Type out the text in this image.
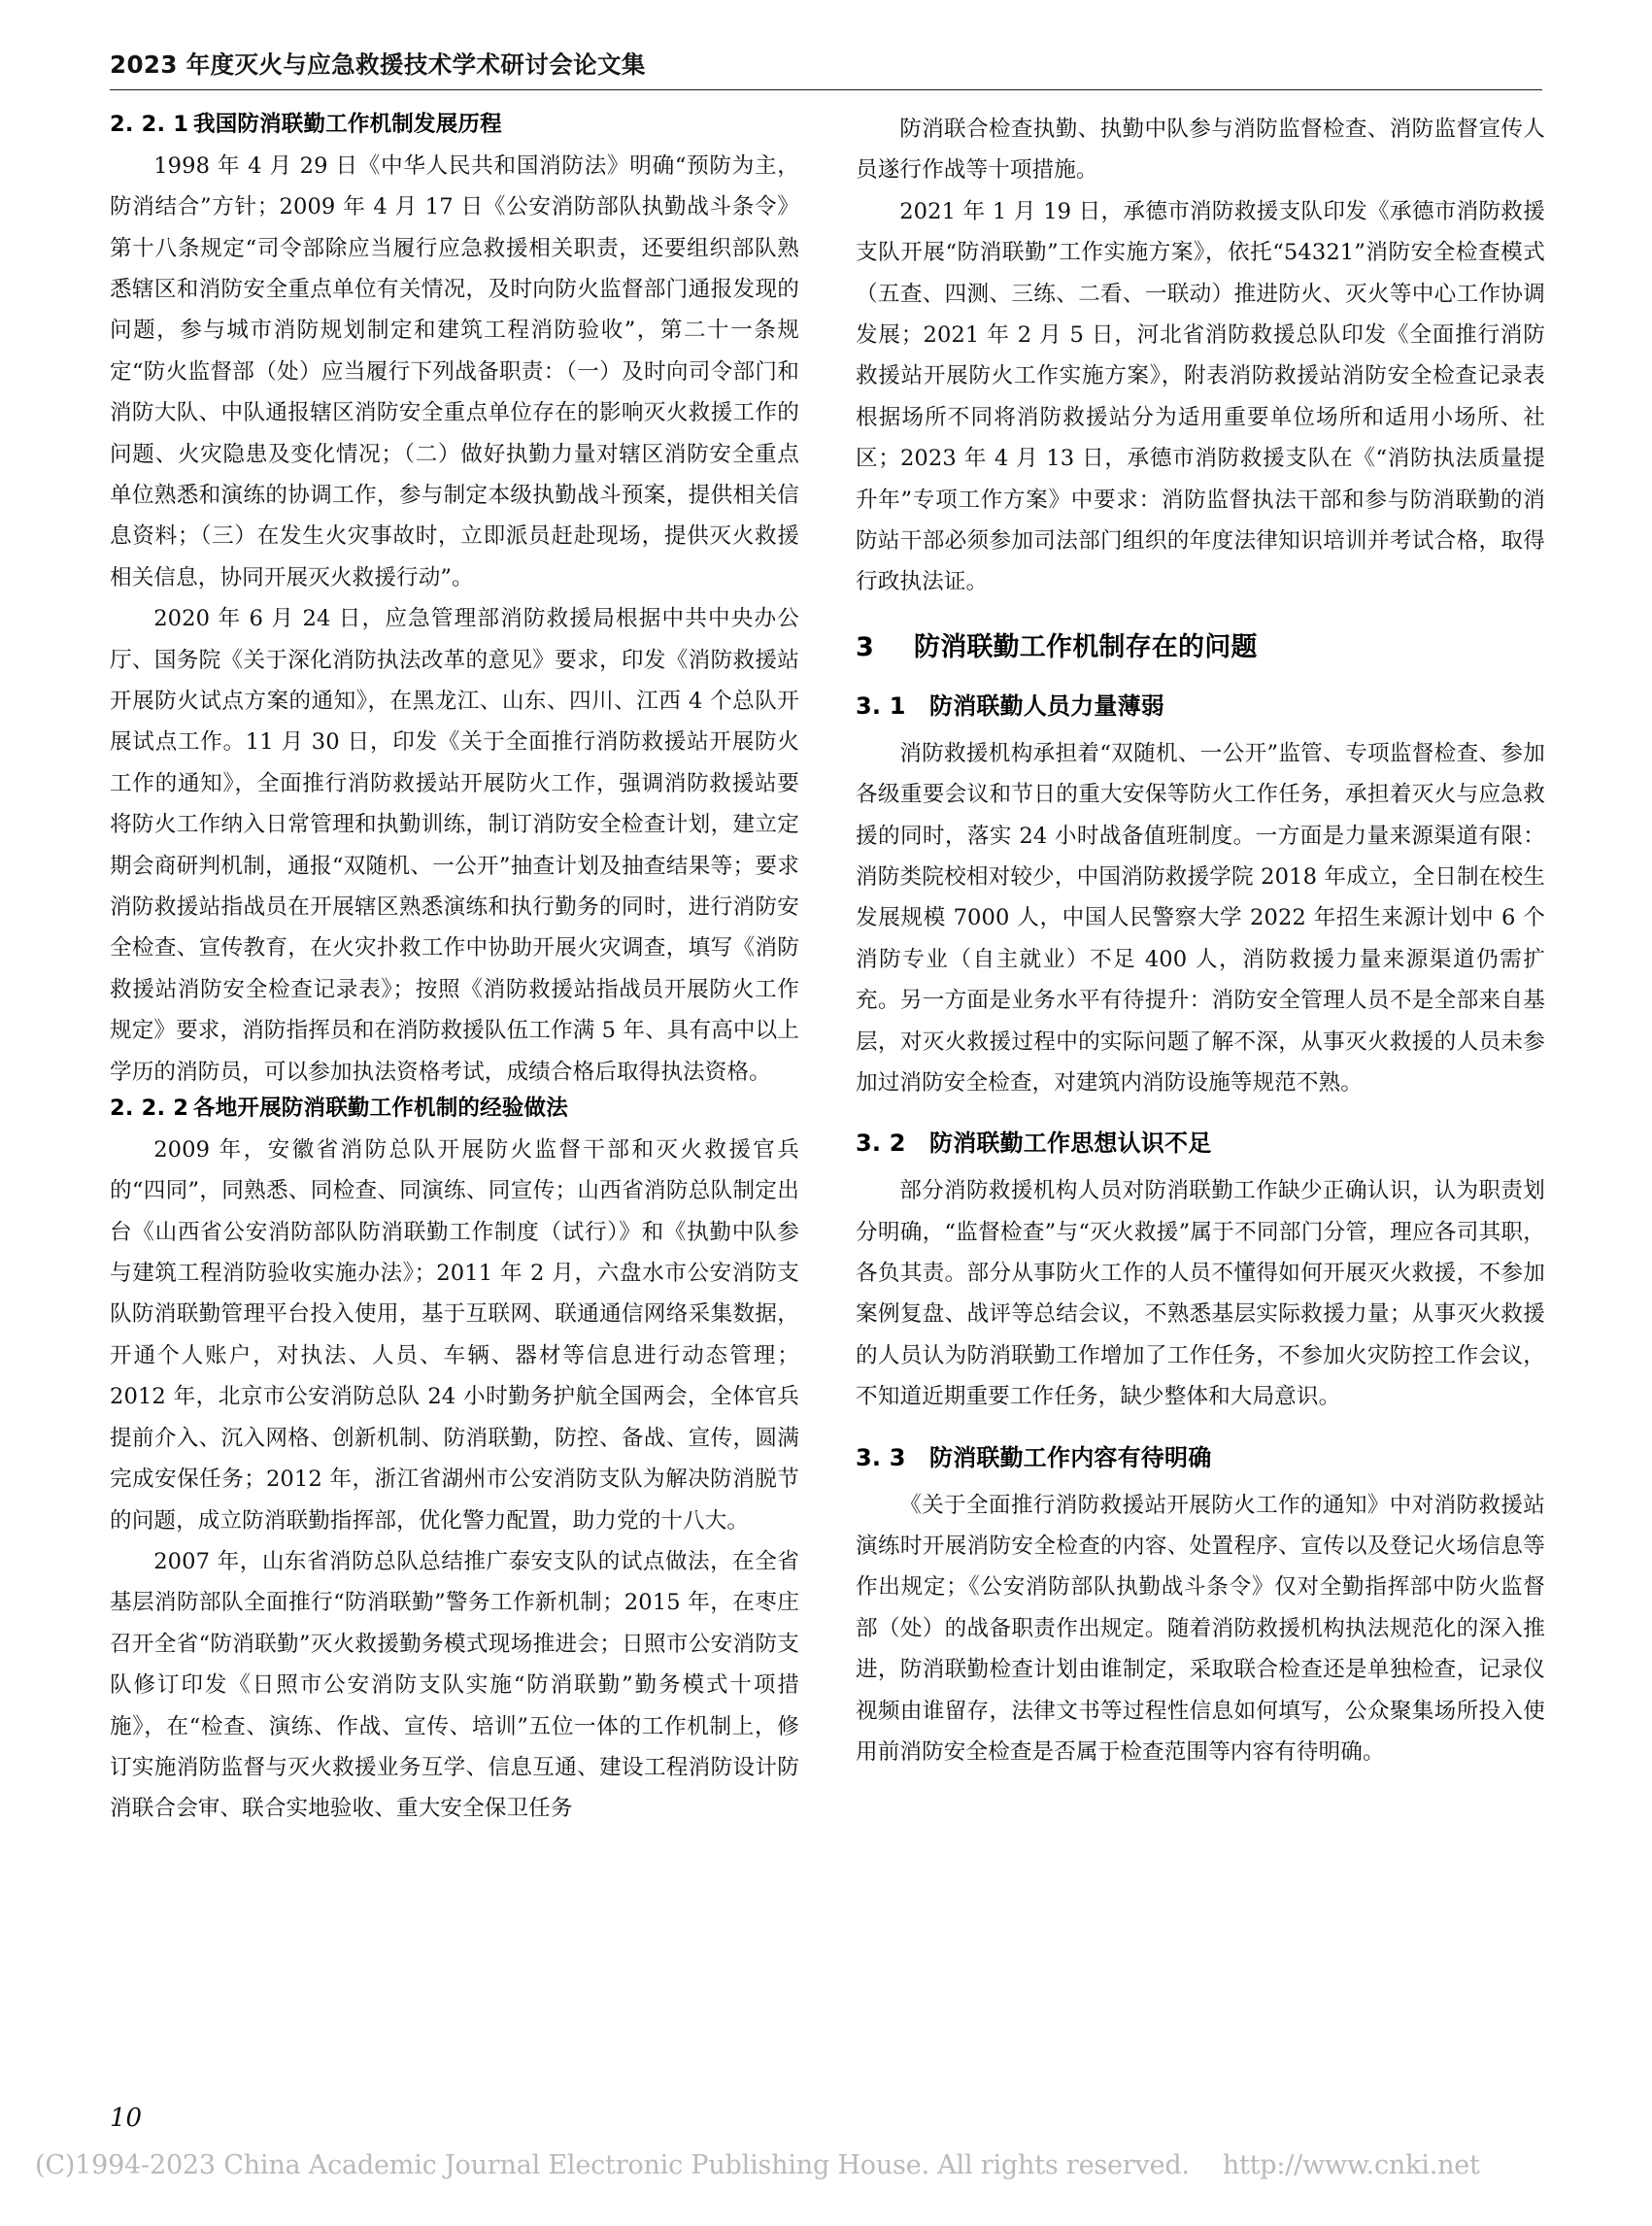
2023 年度灭火与应急救援技术学术研讨会论文集
2. 2. 1 我国防消联勤工作机制发展历程

1998 年 4 月 29 日《中华人民共和国消防法》明确“预防为主，防消结合”方针；2009 年 4 月 17 日《公安消防部队执勤战斗条令》第十八条规定“司令部除应当履行应急救援相关职责，还要组织部队熟悉辖区和消防安全重点单位有关情况，及时向防火监督部门通报发现的问题，参与城市消防规划制定和建筑工程消防验收”，第二十一条规定“防火监督部（处）应当履行下列战备职责：（一）及时向司令部门和消防大队、中队通报辖区消防安全重点单位存在的影响灭火救援工作的问题、火灾隐患及变化情况；（二）做好执勤力量对辖区消防安全重点单位熟悉和演练的协调工作，参与制定本级执勤战斗预案，提供相关信息资料；（三）在发生火灾事故时，立即派员赶赴现场，提供灭火救援相关信息，协同开展灭火救援行动”。

2020 年 6 月 24 日，应急管理部消防救援局根据中共中央办公厅、国务院《关于深化消防执法改革的意见》要求，印发《消防救援站开展防火试点方案的通知》，在黑龙江、山东、四川、江西 4 个总队开展试点工作。11 月 30 日，印发《关于全面推行消防救援站开展防火工作的通知》，全面推行消防救援站开展防火工作，强调消防救援站要将防火工作纳入日常管理和执勤训练，制订消防安全检查计划，建立定期会商研判机制，通报“双随机、一公开”抽查计划及抽查结果等；要求消防救援站指战员在开展辖区熟悉演练和执行勤务的同时，进行消防安全检查、宣传教育，在火灾扑救工作中协助开展火灾调查，填写《消防救援站消防安全检查记录表》；按照《消防救援站指战员开展防火工作规定》要求，消防指挥员和在消防救援队伍工作满 5 年、具有高中以上学历的消防员，可以参加执法资格考试，成绩合格后取得执法资格。

2. 2. 2 各地开展防消联勤工作机制的经验做法

2009 年，安徽省消防总队开展防火监督干部和灭火救援官兵的“四同”，同熟悉、同检查、同演练、同宣传；山西省消防总队制定出台《山西省公安消防部队防消联勤工作制度（试行）》和《执勤中队参与建筑工程消防验收实施办法》；2011 年 2 月，六盘水市公安消防支队防消联勤管理平台投入使用，基于互联网、联通通信网络采集数据，开通个人账户，对执法、人员、车辆、器材等信息进行动态管理；2012 年，北京市公安消防总队 24 小时勤务护航全国两会，全体官兵提前介入、沉入网格、创新机制、防消联勤，防控、备战、宣传，圆满完成安保任务；2012 年，浙江省湖州市公安消防支队为解决防消脱节的问题，成立防消联勤指挥部，优化警力配置，助力党的十八大。

2007 年，山东省消防总队总结推广泰安支队的试点做法，在全省基层消防部队全面推行“防消联勤”警务工作新机制；2015 年，在枣庄召开全省“防消联勤”灭火救援勤务模式现场推进会；日照市公安消防支队修订印发《日照市公安消防支队实施“防消联勤”勤务模式十项措施》，在“检查、演练、作战、宣传、培训”五位一体的工作机制上，修订实施消防监督与灭火救援业务互学、信息互通、建设工程消防设计防消联合会审、联合实地验收、重大安全保卫任务

防消联合检查执勤、执勤中队参与消防监督检查、消防监督宣传人员遂行作战等十项措施。

2021 年 1 月 19 日，承德市消防救援支队印发《承德市消防救援支队开展“防消联勤”工作实施方案》，依托“54321”消防安全检查模式（五查、四测、三练、二看、一联动）推进防火、灭火等中心工作协调发展；2021 年 2 月 5 日，河北省消防救援总队印发《全面推行消防救援站开展防火工作实施方案》，附表消防救援站消防安全检查记录表根据场所不同将消防救援站分为适用重要单位场所和适用小场所、社区；2023 年 4 月 13 日，承德市消防救援支队在《“消防执法质量提升年”专项工作方案》中要求：消防监督执法干部和参与防消联勤的消防站干部必须参加司法部门组织的年度法律知识培训并考试合格，取得行政执法证。

3 防消联勤工作机制存在的问题
3. 1 防消联勤人员力量薄弱

消防救援机构承担着“双随机、一公开”监管、专项监督检查、参加各级重要会议和节日的重大安保等防火工作任务，承担着灭火与应急救援的同时，落实 24 小时战备值班制度。一方面是力量来源渠道有限：消防类院校相对较少，中国消防救援学院 2018 年成立，全日制在校生发展规模 7000 人，中国人民警察大学 2022 年招生来源计划中 6 个消防专业（自主就业）不足 400 人，消防救援力量来源渠道仍需扩充。另一方面是业务水平有待提升：消防安全管理人员不是全部来自基层，对灭火救援过程中的实际问题了解不深，从事灭火救援的人员未参加过消防安全检查，对建筑内消防设施等规范不熟。

3. 2 防消联勤工作思想认识不足

部分消防救援机构人员对防消联勤工作缺少正确认识，认为职责划分明确，“监督检查”与“灭火救援”属于不同部门分管，理应各司其职，各负其责。部分从事防火工作的人员不懂得如何开展灭火救援，不参加案例复盘、战评等总结会议，不熟悉基层实际救援力量；从事灭火救援的人员认为防消联勤工作增加了工作任务，不参加火灾防控工作会议，不知道近期重要工作任务，缺少整体和大局意识。

3. 3 防消联勤工作内容有待明确

《关于全面推行消防救援站开展防火工作的通知》中对消防救援站演练时开展消防安全检查的内容、处置程序、宣传以及登记火场信息等作出规定；《公安消防部队执勤战斗条令》仅对全勤指挥部中防火监督部（处）的战备职责作出规定。随着消防救援机构执法规范化的深入推进，防消联勤检查计划由谁制定，采取联合检查还是单独检查，记录仪视频由谁留存，法律文书等过程性信息如何填写，公众聚集场所投入使用前消防安全检查是否属于检查范围等内容有待明确。

10
(C)1994-2023 China Academic Journal Electronic Publishing House. All rights reserved. http://www.cnki.net
